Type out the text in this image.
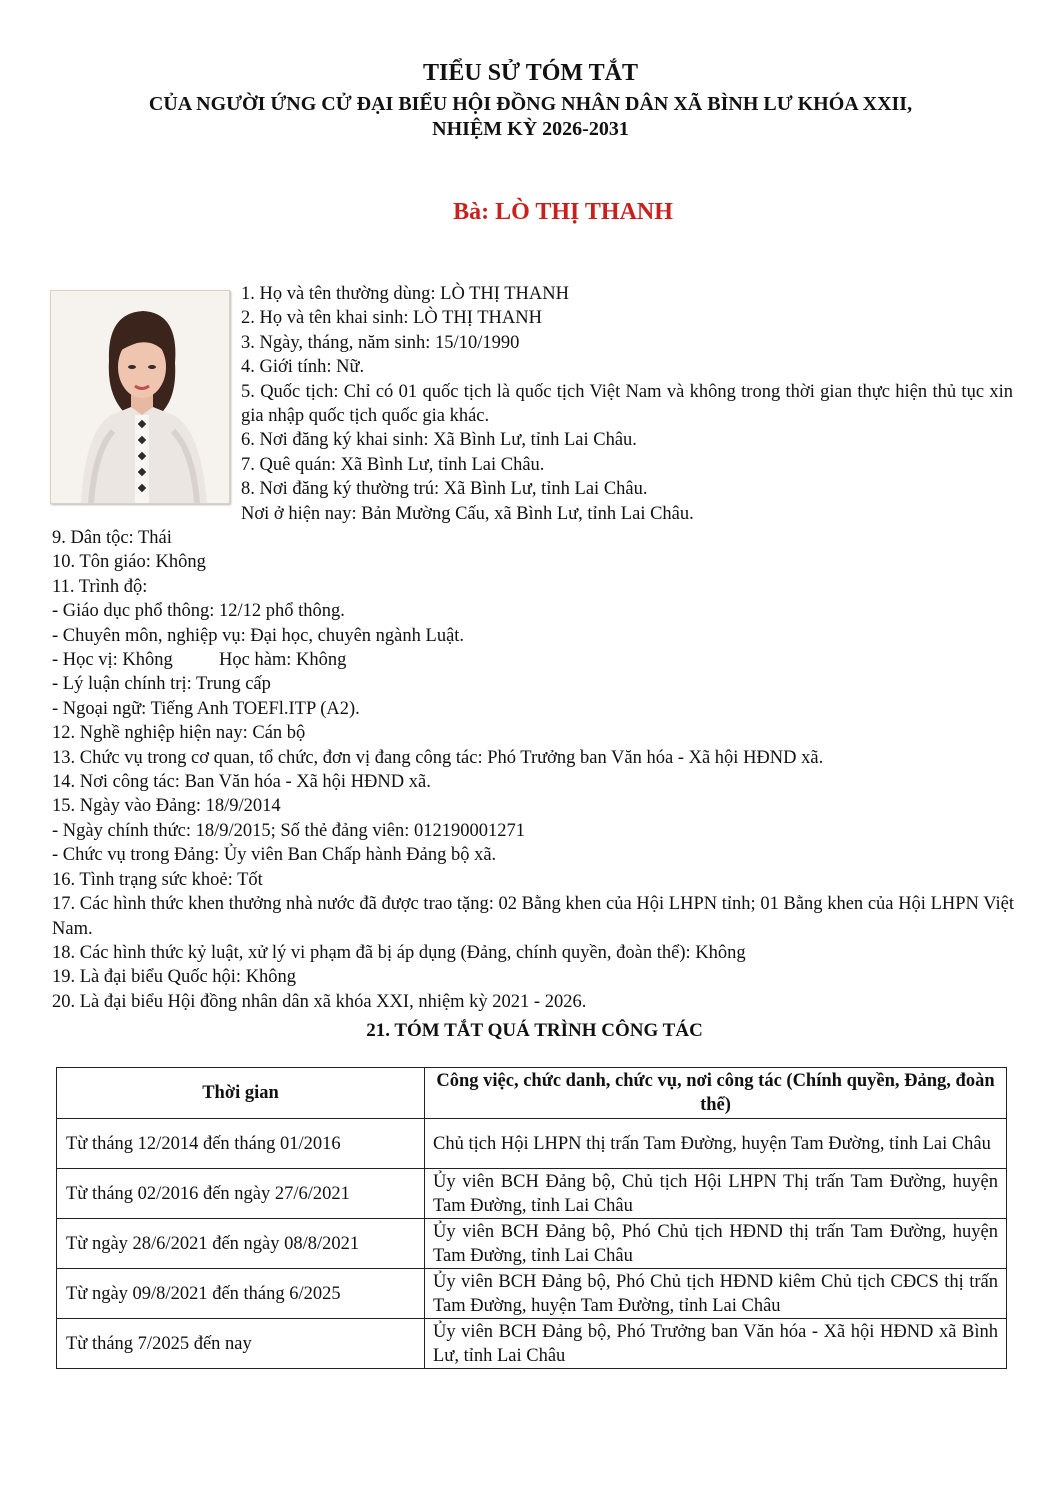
TIỂU SỬ TÓM TẮT
CỦA NGƯỜI ỨNG CỬ ĐẠI BIỂU HỘI ĐỒNG NHÂN DÂN XÃ BÌNH LƯ KHÓA XXII,
NHIỆM KỲ 2026-2031
Bà: LÒ THỊ THANH

1. Họ và tên thường dùng: LÒ THỊ THANH

2. Họ và tên khai sinh: LÒ THỊ THANH

3. Ngày, tháng, năm sinh: 15/10/1990

4. Giới tính: Nữ.

5. Quốc tịch: Chỉ có 01 quốc tịch là quốc tịch Việt Nam và không trong thời gian thực hiện thủ tục xin gia nhập quốc tịch quốc gia khác.

6. Nơi đăng ký khai sinh: Xã Bình Lư, tỉnh Lai Châu.

7. Quê quán: Xã Bình Lư, tỉnh Lai Châu.

8. Nơi đăng ký thường trú: Xã Bình Lư, tỉnh Lai Châu.

Nơi ở hiện nay: Bản Mường Cấu, xã Bình Lư, tỉnh Lai Châu.

9. Dân tộc: Thái

10. Tôn giáo: Không

11. Trình độ:

- Giáo dục phổ thông: 12/12 phổ thông.

- Chuyên môn, nghiệp vụ: Đại học, chuyên ngành Luật.

- Học vị: Không          Học hàm: Không

- Lý luận chính trị: Trung cấp

- Ngoại ngữ: Tiếng Anh TOEFl.ITP (A2).

12. Nghề nghiệp hiện nay: Cán bộ

13. Chức vụ trong cơ quan, tổ chức, đơn vị đang công tác: Phó Trưởng ban Văn hóa - Xã hội HĐND xã.

14. Nơi công tác: Ban Văn hóa - Xã hội HĐND xã.

15. Ngày vào Đảng: 18/9/2014

- Ngày chính thức: 18/9/2015; Số thẻ đảng viên: 012190001271

- Chức vụ trong Đảng: Ủy viên Ban Chấp hành Đảng bộ xã.

16. Tình trạng sức khoẻ: Tốt

17. Các hình thức khen thưởng nhà nước đã được trao tặng: 02 Bằng khen của Hội LHPN tỉnh; 01 Bằng khen của Hội LHPN Việt Nam.

18. Các hình thức kỷ luật, xử lý vi phạm đã bị áp dụng (Đảng, chính quyền, đoàn thể): Không

19. Là đại biểu Quốc hội: Không

20. Là đại biểu Hội đồng nhân dân xã khóa XXI, nhiệm kỳ 2021 - 2026.

21. TÓM TẮT QUÁ TRÌNH CÔNG TÁC
Thời gian	Công việc, chức danh, chức vụ, nơi công tác (Chính quyền, Đảng, đoàn thể)
Từ tháng 12/2014 đến tháng 01/2016	Chủ tịch Hội LHPN thị trấn Tam Đường, huyện Tam Đường, tỉnh Lai Châu
Từ tháng 02/2016 đến ngày 27/6/2021	Ủy viên BCH Đảng bộ, Chủ tịch Hội LHPN Thị trấn Tam Đường, huyện Tam Đường, tỉnh Lai Châu
Từ ngày 28/6/2021 đến ngày 08/8/2021	Ủy viên BCH Đảng bộ, Phó Chủ tịch HĐND thị trấn Tam Đường, huyện Tam Đường, tỉnh Lai Châu
Từ ngày 09/8/2021 đến tháng 6/2025	Ủy viên BCH Đảng bộ, Phó Chủ tịch HĐND kiêm Chủ tịch CĐCS thị trấn Tam Đường, huyện Tam Đường, tỉnh Lai Châu
Từ tháng 7/2025 đến nay	Ủy viên BCH Đảng bộ, Phó Trưởng ban Văn hóa - Xã hội HĐND xã Bình Lư, tỉnh Lai Châu
